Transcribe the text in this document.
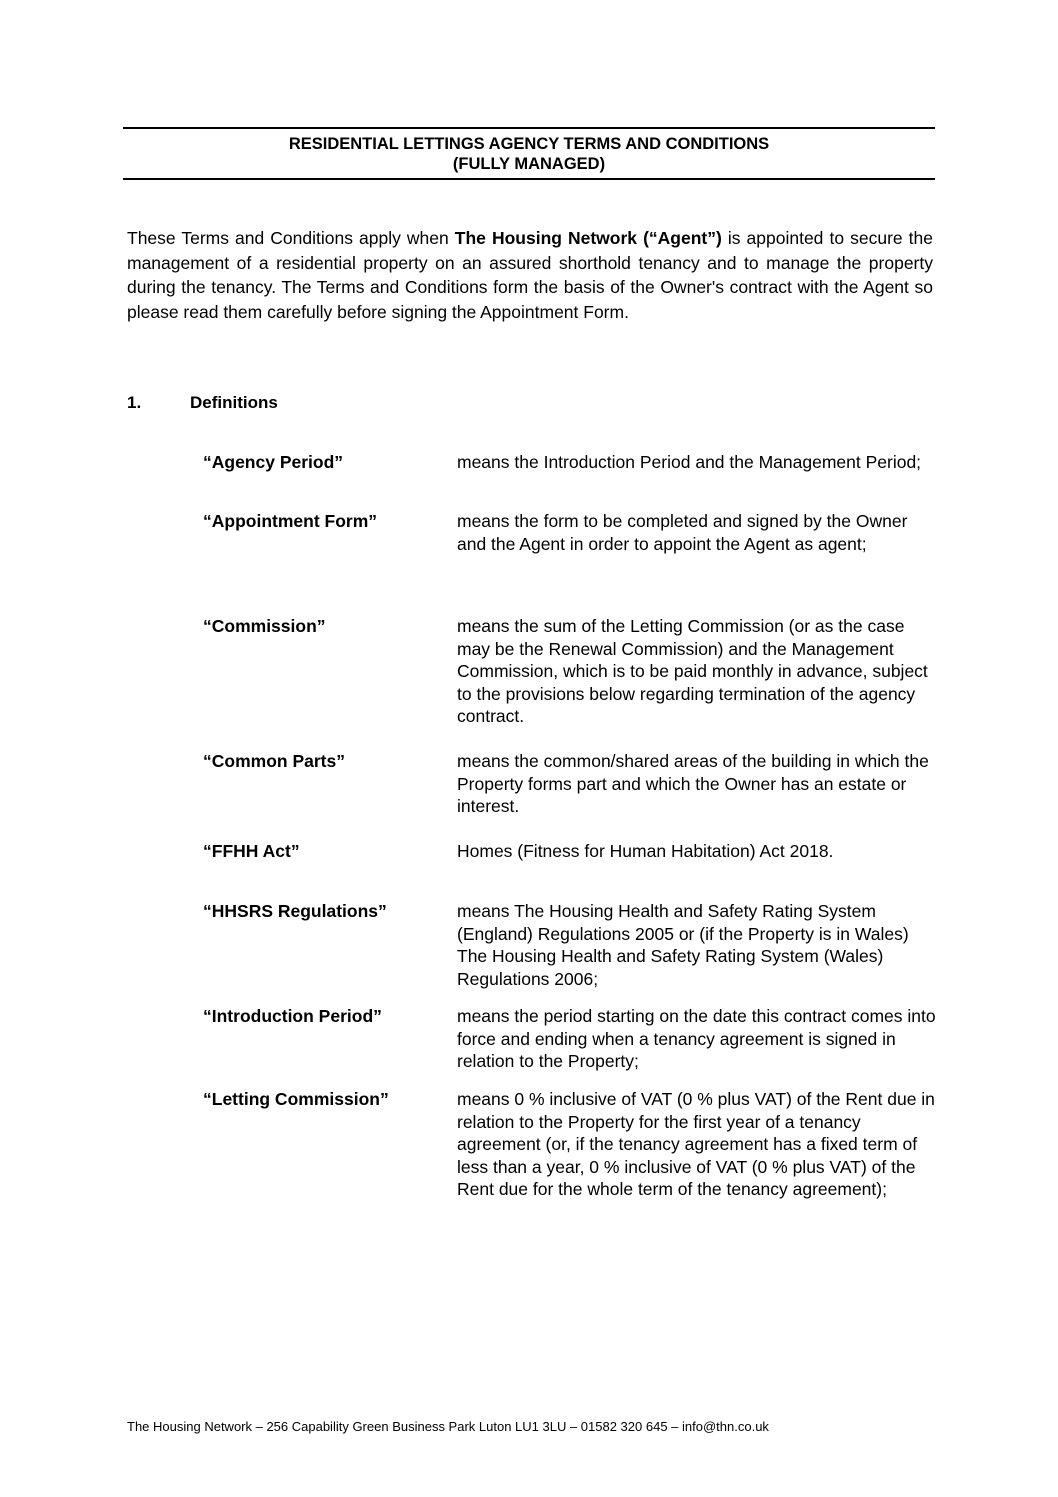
RESIDENTIAL LETTINGS AGENCY TERMS AND CONDITIONS
(FULLY MANAGED)
These Terms and Conditions apply when The Housing Network (“Agent”) is appointed to secure the management of a residential property on an assured shorthold tenancy and to manage the property during the tenancy. The Terms and Conditions form the basis of the Owner's contract with the Agent so please read them carefully before signing the Appointment Form.
1.	Definitions
“Agency Period”	means the Introduction Period and the Management Period;
“Appointment Form”	means the form to be completed and signed by the Owner and the Agent in order to appoint the Agent as agent;
“Commission”	means the sum of the Letting Commission (or as the case may be the Renewal Commission) and the Management Commission, which is to be paid monthly in advance, subject to the provisions below regarding termination of the agency contract.
“Common Parts”	means the common/shared areas of the building in which the Property forms part and which the Owner has an estate or interest.
“FFHH Act”	Homes (Fitness for Human Habitation) Act 2018.
“HHSRS Regulations”	means The Housing Health and Safety Rating System (England) Regulations 2005 or (if the Property is in Wales) The Housing Health and Safety Rating System (Wales) Regulations 2006;
“Introduction Period”	means the period starting on the date this contract comes into force and ending when a tenancy agreement is signed in relation to the Property;
“Letting Commission”	means 0 % inclusive of VAT (0 % plus VAT) of the Rent due in relation to the Property for the first year of a tenancy agreement (or, if the tenancy agreement has a fixed term of less than a year, 0 % inclusive of VAT (0 % plus VAT) of the Rent due for the whole term of the tenancy agreement);
The Housing Network – 256 Capability Green Business Park Luton LU1 3LU – 01582 320 645 – info@thn.co.uk
